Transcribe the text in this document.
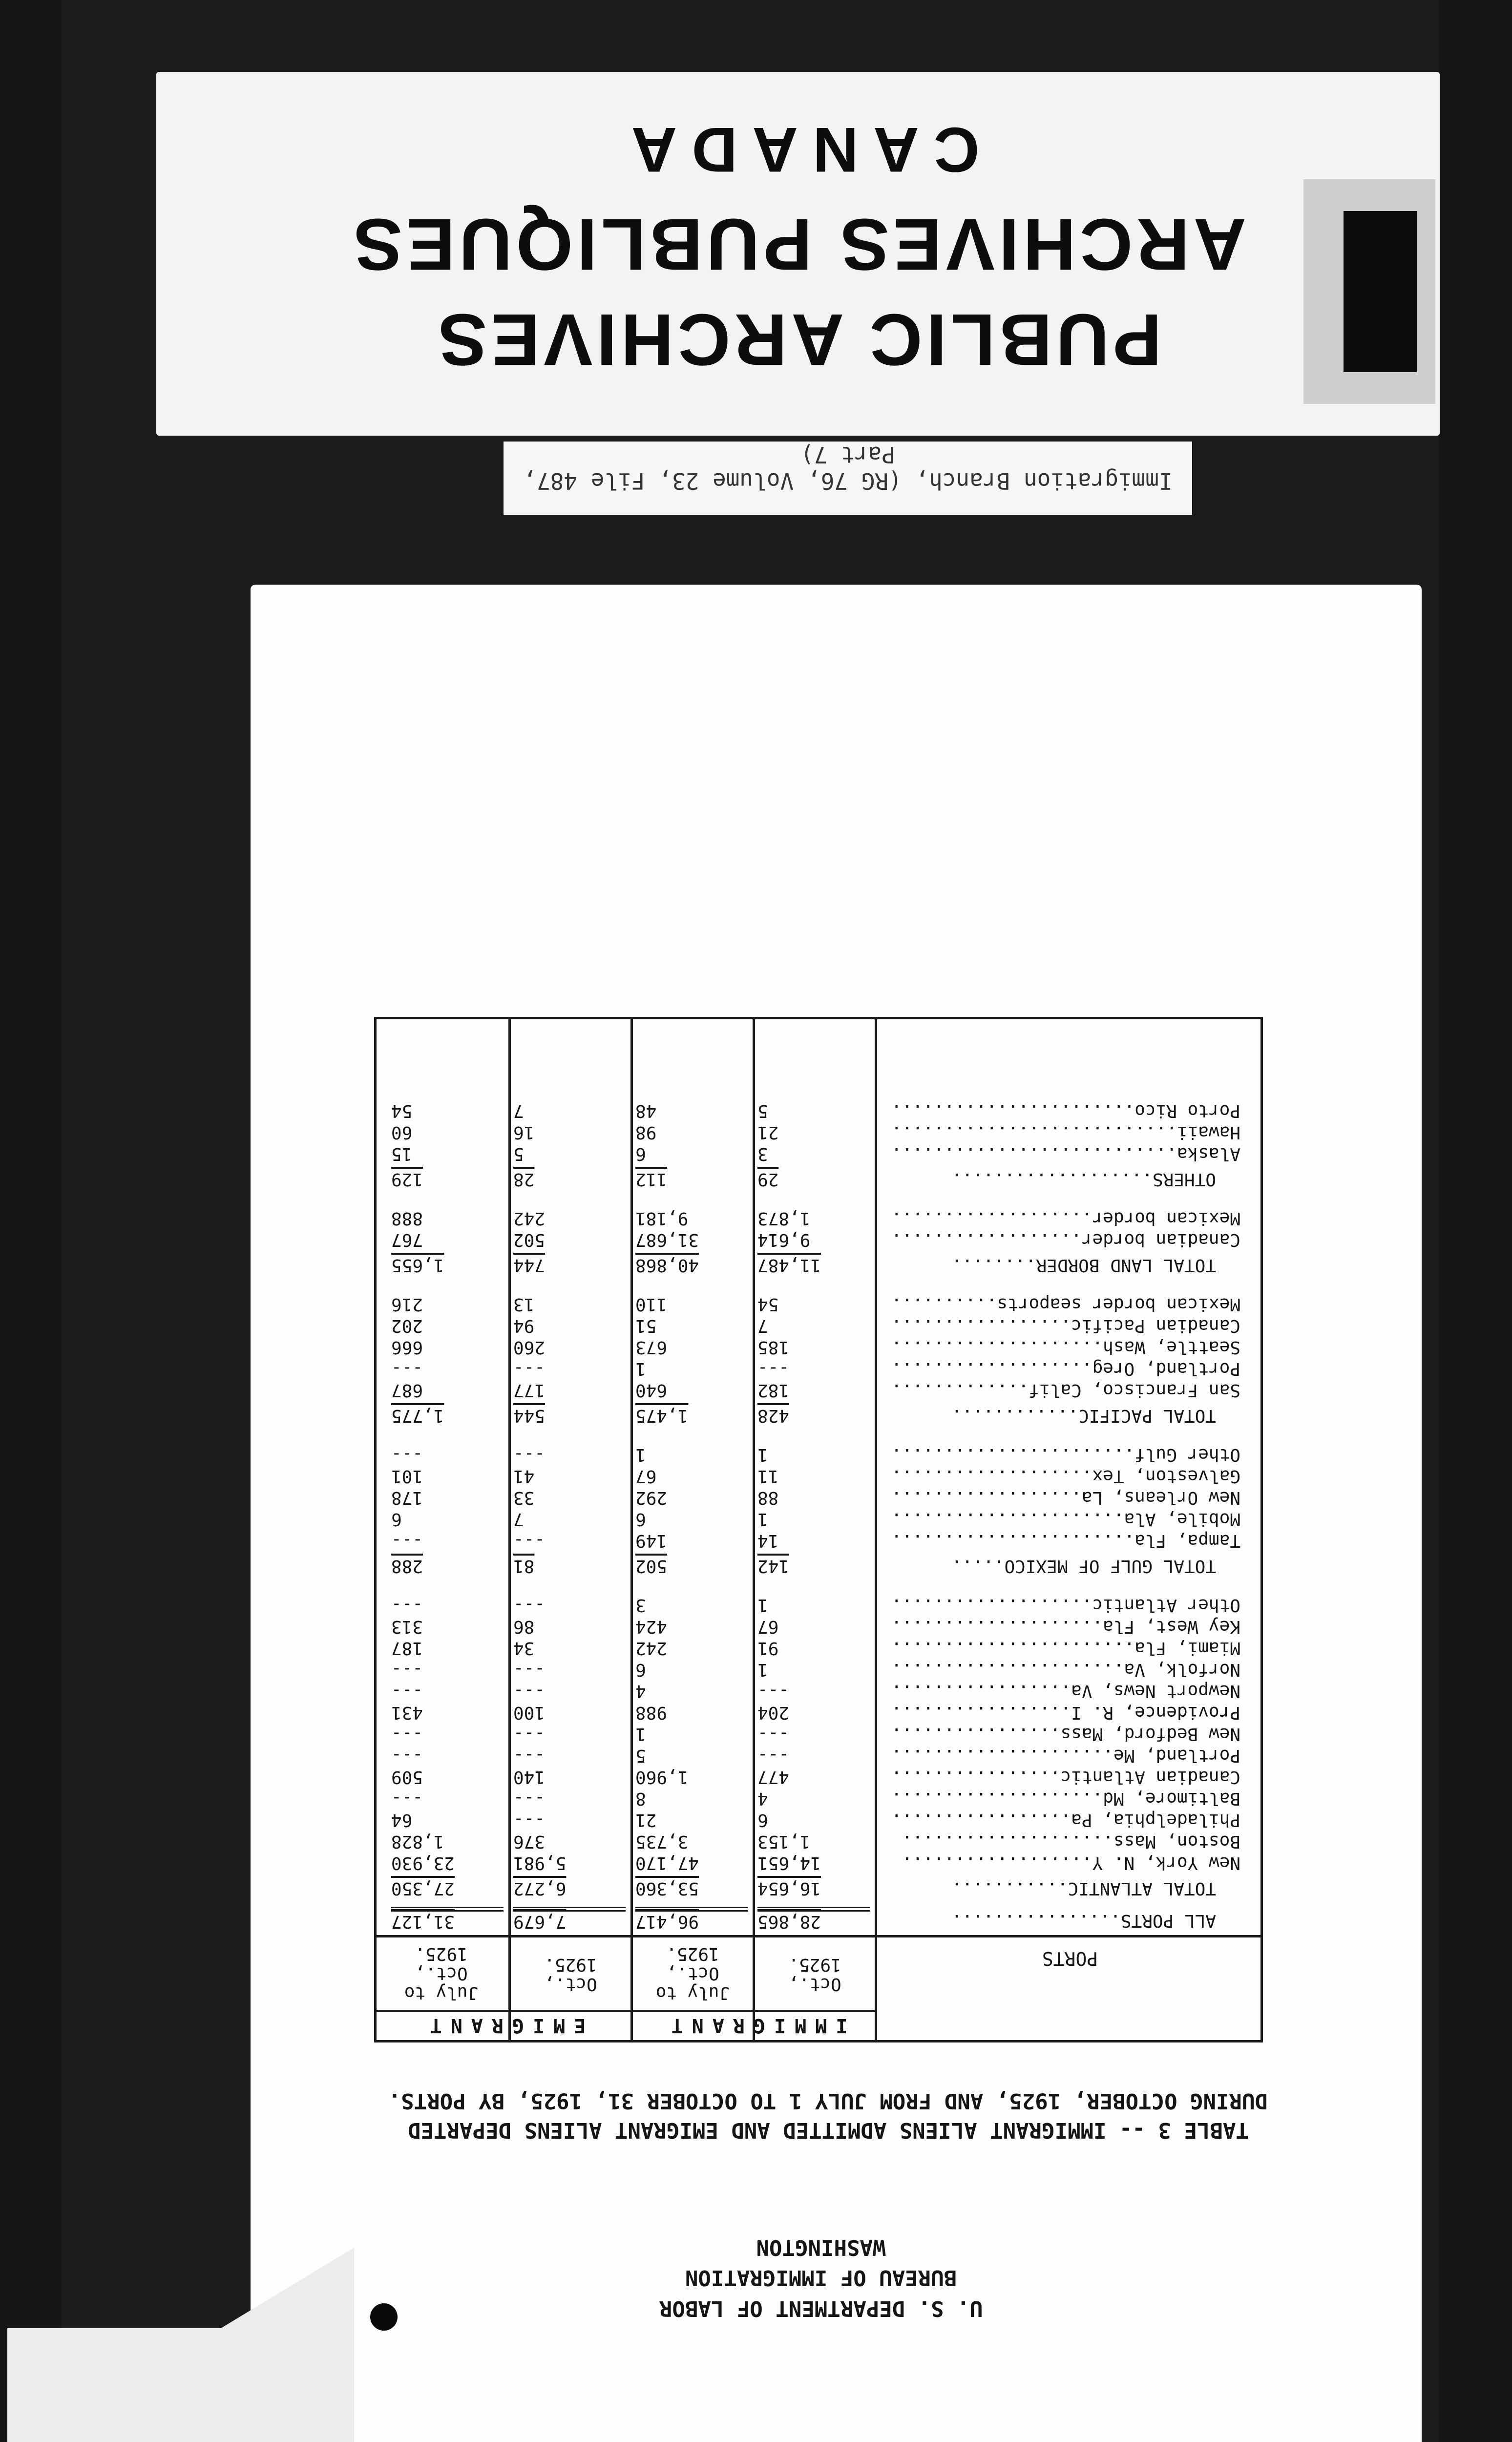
U. S. DEPARTMENT OF LABOR
BUREAU OF IMMIGRATION
WASHINGTON
TABLE 3 -- IMMIGRANT ALIENS ADMITTED AND EMIGRANT ALIENS DEPARTED
DURING OCTOBER, 1925, AND FROM JULY 1 TO OCTOBER 31, 1925, BY PORTS.
IMMIGRANT
EMIGRANT
PORTS
Oct.,
1925.
July to
Oct.,
1925.
Oct.,
1925.
July to
Oct.,
1925.
ALL PORTS................
28,865
96,417
7,679
31,127
TOTAL ATLANTIC...........
16,654
53,360
6,272
27,350
New York, N. Y..................
14,651
47,170
5,981
23,930
Boston, Mass....................
1,153
3,735
376
1,828
Philadelphia, Pa.................
6
21
---
64
Baltimore, Md....................
4
8
---
---
Canadian Atlantic................
477
1,960
140
509
Portland, Me.....................
---
5
---
---
New Bedford, Mass................
---
1
---
---
Providence, R. I.................
204
988
100
431
Newport News, Va.................
---
4
---
---
Norfolk, Va......................
1
6
---
---
Miami, Fla.......................
91
242
34
187
Key West, Fla....................
67
424
86
313
Other Atlantic...................
1
3
---
---
TOTAL GULF OF MEXICO.....
142
502
81
288
Tampa, Fla.......................
14
149
---
---
Mobile, Ala......................
1
6
7
6
New Orleans, La..................
88
292
33
178
Galveston, Tex...................
11
67
41
101
Other Gulf.......................
1
1
---
---
TOTAL PACIFIC............
428
1,475
544
1,775
San Francisco, Calif.............
182
640
177
687
Portland, Oreg...................
---
1
---
---
Seattle, Wash....................
185
673
260
666
Canadian Pacific.................
7
51
94
202
Mexican border seaports..........
54
110
13
216
TOTAL LAND BORDER........
11,487
40,868
744
1,655
Canadian border..................
9,614
31,687
502
767
Mexican border...................
1,873
9,181
242
888
OTHERS...................
29
112
28
129
Alaska...........................
3
6
5
15
Hawaii...........................
21
98
16
60
Porto Rico.......................
5
48
7
54
Immigration Branch, (RG 76, Volume 23, File 487, Part 7)
PUBLIC ARCHIVES
ARCHIVES PUBLIQUES
CANADA
